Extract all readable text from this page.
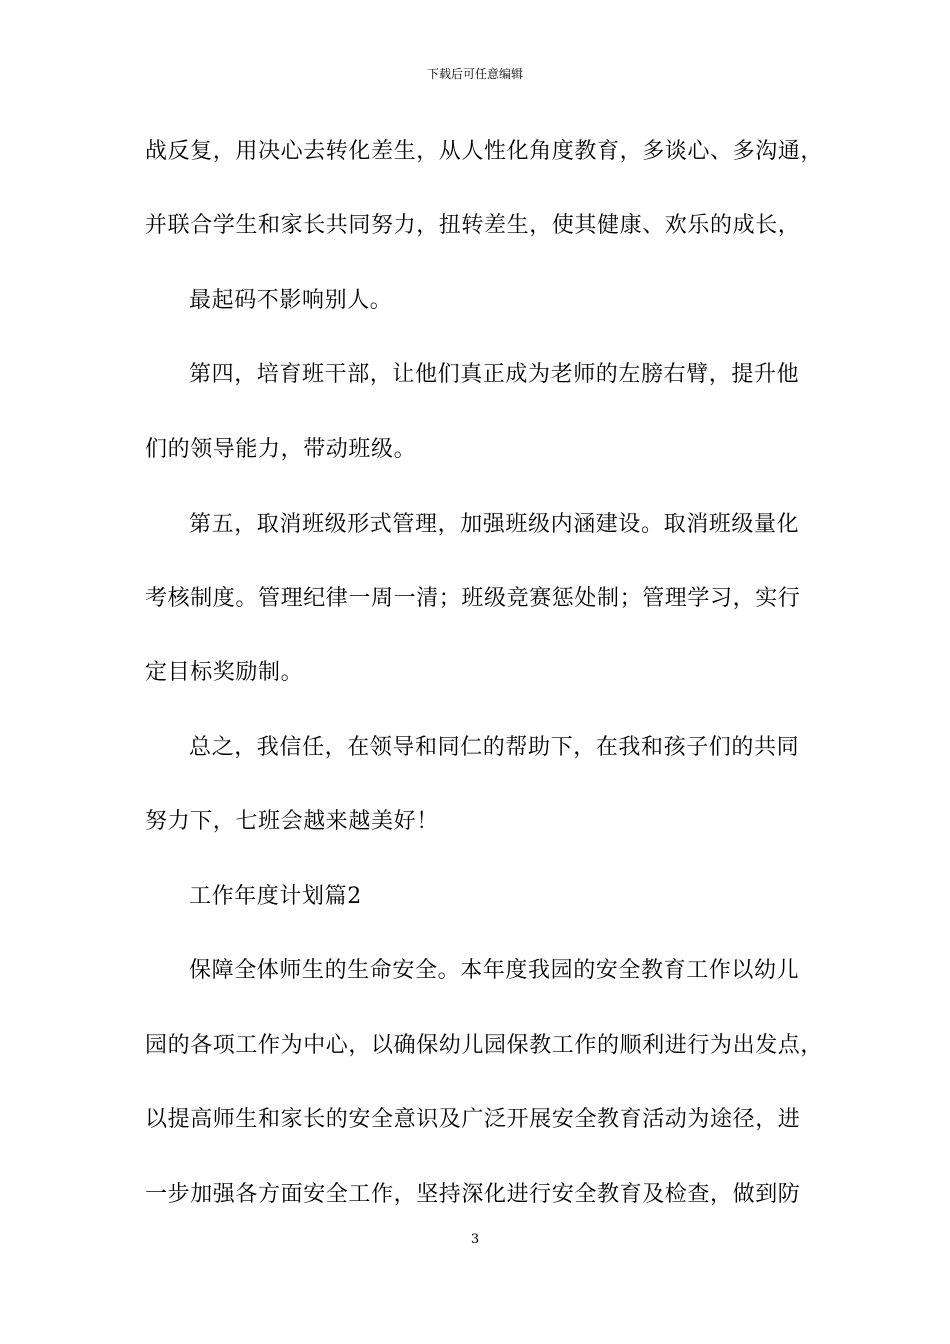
下载后可任意编辑
战反复，用决心去转化差生，从人性化角度教育，多谈心、多沟通，
并联合学生和家长共同努力，扭转差生，使其健康、欢乐的成长，
最起码不影响别人。
第四，培育班干部，让他们真正成为老师的左膀右臂，提升他
们的领导能力，带动班级。
第五，取消班级形式管理，加强班级内涵建设。取消班级量化
考核制度。管理纪律一周一清；班级竞赛惩处制；管理学习，实行
定目标奖励制。
总之，我信任，在领导和同仁的帮助下，在我和孩子们的共同
努力下，七班会越来越美好！
工作年度计划篇2
保障全体师生的生命安全。本年度我园的安全教育工作以幼儿
园的各项工作为中心，以确保幼儿园保教工作的顺利进行为出发点，
以提高师生和家长的安全意识及广泛开展安全教育活动为途径，进
一步加强各方面安全工作，坚持深化进行安全教育及检查，做到防
3
